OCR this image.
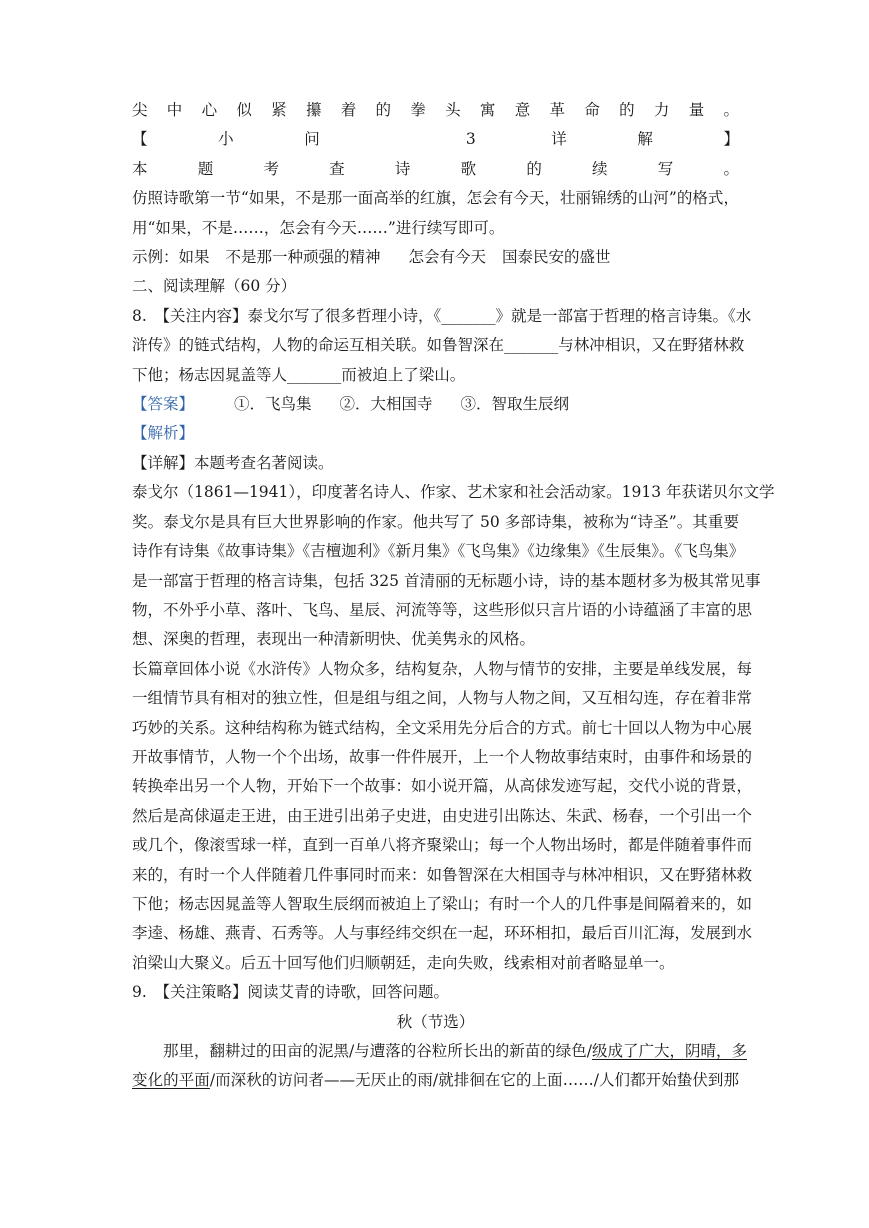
尖中心似紧攥着的拳头寓意革命的力量。
【小问 3 详解】
本题考查诗歌的续写。
仿照诗歌第一节“如果，不是那一面高举的红旗，怎会有今天，壮丽锦绣的山河”的格式，
用“如果，不是……，怎会有今天……”进行续写即可。
示例：如果 不是那一种顽强的精神 怎会有今天 国泰民安的盛世
二、阅读理解（60 分）
8.　【关注内容】泰戈尔写了很多哲理小诗，《_______》就是一部富于哲理的格言诗集。《水
浒传》的链式结构，人物的命运互相关联。如鲁智深在_______与林冲相识，又在野猪林救
下他；杨志因晁盖等人_______而被迫上了梁山。
【答案】	①．飞鸟集 ②．大相国寺 ③．智取生辰纲
【解析】
【详解】本题考查名著阅读。
泰戈尔（1861—1941），印度著名诗人、作家、艺术家和社会活动家。1913 年获诺贝尔文学
奖。泰戈尔是具有巨大世界影响的作家。他共写了 50 多部诗集，被称为“诗圣”。其重要
诗作有诗集《故事诗集》《吉檀迦利》《新月集》《飞鸟集》《边缘集》《生辰集》。《飞鸟集》
是一部富于哲理的格言诗集，包括 325 首清丽的无标题小诗，诗的基本题材多为极其常见事
物，不外乎小草、落叶、飞鸟、星辰、河流等等，这些形似只言片语的小诗蕴涵了丰富的思
想、深奥的哲理，表现出一种清新明快、优美隽永的风格。
长篇章回体小说《水浒传》人物众多，结构复杂，人物与情节的安排，主要是单线发展，每
一组情节具有相对的独立性，但是组与组之间，人物与人物之间，又互相勾连，存在着非常
巧妙的关系。这种结构称为链式结构，全文采用先分后合的方式。前七十回以人物为中心展
开故事情节，人物一个个出场，故事一件件展开，上一个人物故事结束时，由事件和场景的
转换牵出另一个人物，开始下一个故事：如小说开篇，从高俅发迹写起，交代小说的背景，
然后是高俅逼走王进，由王进引出弟子史进，由史进引出陈达、朱武、杨春，一个引出一个
或几个，像滚雪球一样，直到一百单八将齐聚梁山；每一个人物出场时，都是伴随着事件而
来的，有时一个人伴随着几件事同时而来：如鲁智深在大相国寺与林冲相识，又在野猪林救
下他；杨志因晁盖等人智取生辰纲而被迫上了梁山；有时一个人的几件事是间隔着来的，如
李逵、杨雄、燕青、石秀等。人与事经纬交织在一起，环环相扣，最后百川汇海，发展到水
泊梁山大聚义。后五十回写他们归顺朝廷，走向失败，线索相对前者略显单一。
9.　【关注策略】阅读艾青的诗歌，回答问题。
秋（节选）
那里，翻耕过的田亩的泥黑/与遭落的谷粒所长出的新苗的绿色/级成了广大，阴晴，多
变化的平面/而深秋的访问者——无厌止的雨/就排徊在它的上面……/人们都开始蛰伏到那
